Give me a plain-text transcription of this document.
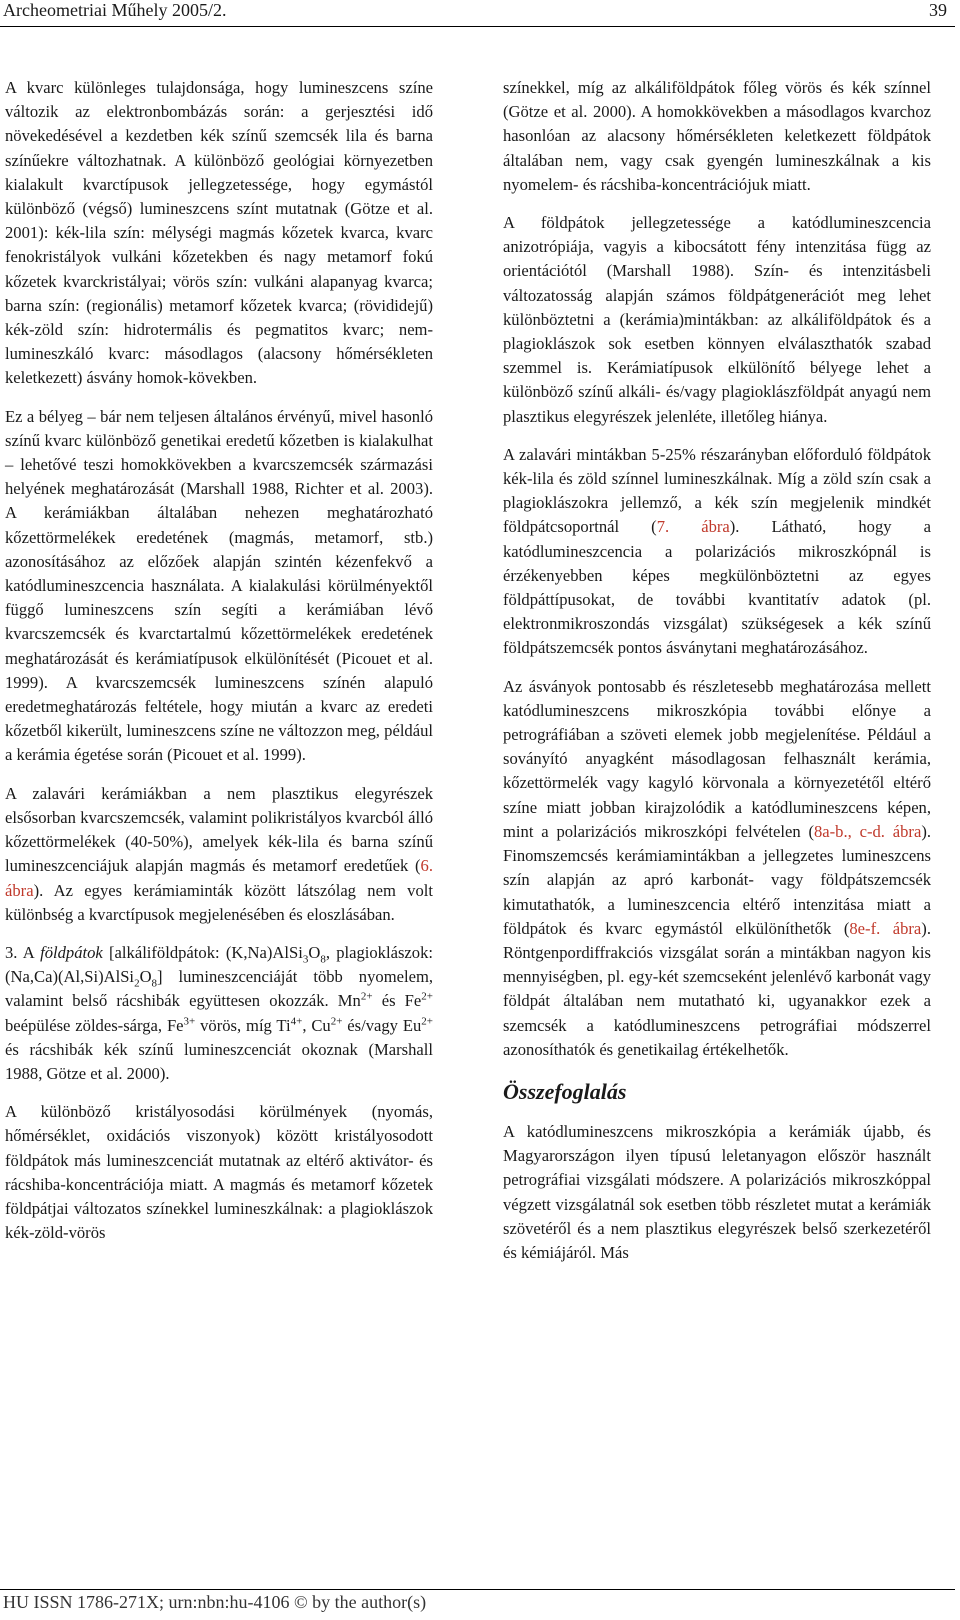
Archeometriai Műhely 2005/2.	39

A kvarc különleges tulajdonsága, hogy lumineszcens színe változik az elektronbombázás során: a gerjesztési idő növekedésével a kezdetben kék színű szemcsék lila és barna színűekre változhatnak. A különböző geológiai környezetben kialakult kvarctípusok jellegzetessége, hogy egymástól különböző (végső) lumineszcens színt mutatnak (Götze et al. 2001): kék-lila szín: mélységi magmás kőzetek kvarca, kvarc fenokristályok vulkáni kőzetekben és nagy metamorf fokú kőzetek kvarckristályai; vörös szín: vulkáni alapanyag kvarca; barna szín: (regionális) metamorf kőzetek kvarca; (rövididejű) kék-zöld szín: hidrotermális és pegmatitos kvarc; nem-lumineszkáló kvarc: másodlagos (alacsony hőmérsékleten keletkezett) ásvány homok-kövekben.

Ez a bélyeg – bár nem teljesen általános érvényű, mivel hasonló színű kvarc különböző genetikai eredetű kőzetben is kialakulhat – lehetővé teszi homokkövekben a kvarcszemcsék származási helyének meghatározását (Marshall 1988, Richter et al. 2003). A kerámiákban általában nehezen meghatározható kőzettörmelékek eredetének (magmás, metamorf, stb.) azonosításához az előzőek alapján szintén kézenfekvő a katódlumineszcencia használata. A kialakulási körülményektől függő lumineszcens szín segíti a kerámiában lévő kvarcszemcsék és kvarctartalmú kőzettörmelékek eredetének meghatározását és kerámiatípusok elkülönítését (Picouet et al. 1999). A kvarcszemcsék lumineszcens színén alapuló eredetmeghatározás feltétele, hogy miután a kvarc az eredeti kőzetből kikerült, lumineszcens színe ne változzon meg, például a kerámia égetése során (Picouet et al. 1999).

A zalavári kerámiákban a nem plasztikus elegyrészek elsősorban kvarcszemcsék, valamint polikristályos kvarcból álló kőzettörmelékek (40-50%), amelyek kék-lila és barna színű lumineszcenciájuk alapján magmás és metamorf eredetűek (6. ábra). Az egyes kerámiaminták között látszólag nem volt különbség a kvarctípusok megjelenésében és eloszlásában.

3. A földpátok [alkáliföldpátok: $(K,Na)AlSi_3O_8$, plagioklászok: $(Na,Ca)(Al,Si)AlSi_2O_8$] lumineszcenciáját több nyomelem, valamint belső rácshibák együttesen okozzák. $Mn^{2+}$ és $Fe^{2+}$ beépülése zöldes-sárga, $Fe^{3+}$ vörös, míg $Ti^{4+}$, $Cu^{2+}$ és/vagy $Eu^{2+}$ és rácshibák kék színű lumineszcenciát okoznak (Marshall 1988, Götze et al. 2000).

A különböző kristályosodási körülmények (nyomás, hőmérséklet, oxidációs viszonyok) között kristályosodott földpátok más lumineszcenciát mutatnak az eltérő aktivátor- és rácshiba-koncentrációja miatt. A magmás és metamorf kőzetek földpátjai változatos színekkel lumineszkálnak: a plagioklászok kék-zöld-vörös

színekkel, míg az alkáliföldpátok főleg vörös és kék színnel (Götze et al. 2000). A homokkövekben a másodlagos kvarchoz hasonlóan az alacsony hőmérsékleten keletkezett földpátok általában nem, vagy csak gyengén lumineszkálnak a kis nyomelem- és rácshiba-koncentrációjuk miatt.

A földpátok jellegzetessége a katódlumineszcencia anizotrópiája, vagyis a kibocsátott fény intenzitása függ az orientációtól (Marshall 1988). Szín- és intenzitásbeli változatosság alapján számos földpátgenerációt meg lehet különböztetni a (kerámia)mintákban: az alkáliföldpátok és a plagioklászok sok esetben könnyen elválaszthatók szabad szemmel is. Kerámiatípusok elkülönítő bélyege lehet a különböző színű alkáli- és/vagy plagioklászföldpát anyagú nem plasztikus elegyrészek jelenléte, illetőleg hiánya.

A zalavári mintákban 5-25% részarányban előforduló földpátok kék-lila és zöld színnel lumineszkálnak. Míg a zöld szín csak a plagioklászokra jellemző, a kék szín megjelenik mindkét földpátcsoportnál (7. ábra). Látható, hogy a katódlumineszcencia a polarizációs mikroszkópnál is érzékenyebben képes megkülönböztetni az egyes földpáttípusokat, de további kvantitatív adatok (pl. elektronmikroszondás vizsgálat) szükségesek a kék színű földpátszemcsék pontos ásványtani meghatározásához.

Az ásványok pontosabb és részletesebb meghatározása mellett katódlumineszcens mikroszkópia további előnye a petrográfiában a szöveti elemek jobb megjelenítése. Például a soványító anyagként másodlagosan felhasznált kerámia, kőzettörmelék vagy kagyló körvonala a környezetétől eltérő színe miatt jobban kirajzolódik a katódlumineszcens képen, mint a polarizációs mikroszkópi felvételen (8a-b., c-d. ábra). Finomszemcsés kerámiamintákban a jellegzetes lumineszcens szín alapján az apró karbonát- vagy földpátszemcsék kimutathatók, a lumineszcencia eltérő intenzitása miatt a földpátok és kvarc egymástól elkülöníthetők (8e-f. ábra). Röntgenpordiffrakciós vizsgálat során a mintákban nagyon kis mennyiségben, pl. egy-két szemcseként jelenlévő karbonát vagy földpát általában nem mutatható ki, ugyanakkor ezek a szemcsék a katódlumineszcens petrográfiai módszerrel azonosíthatók és genetikailag értékelhetők.

Összefoglalás

A katódlumineszcens mikroszkópia a kerámiák újabb, és Magyarországon ilyen típusú leletanyagon először használt petrográfiai vizsgálati módszere. A polarizációs mikroszkóppal végzett vizsgálatnál sok esetben több részletet mutat a kerámiák szövetéről és a nem plasztikus elegyrészek belső szerkezetéről és kémiájáról. Más

HU ISSN 1786-271X; urn:nbn:hu-4106 © by the author(s)
